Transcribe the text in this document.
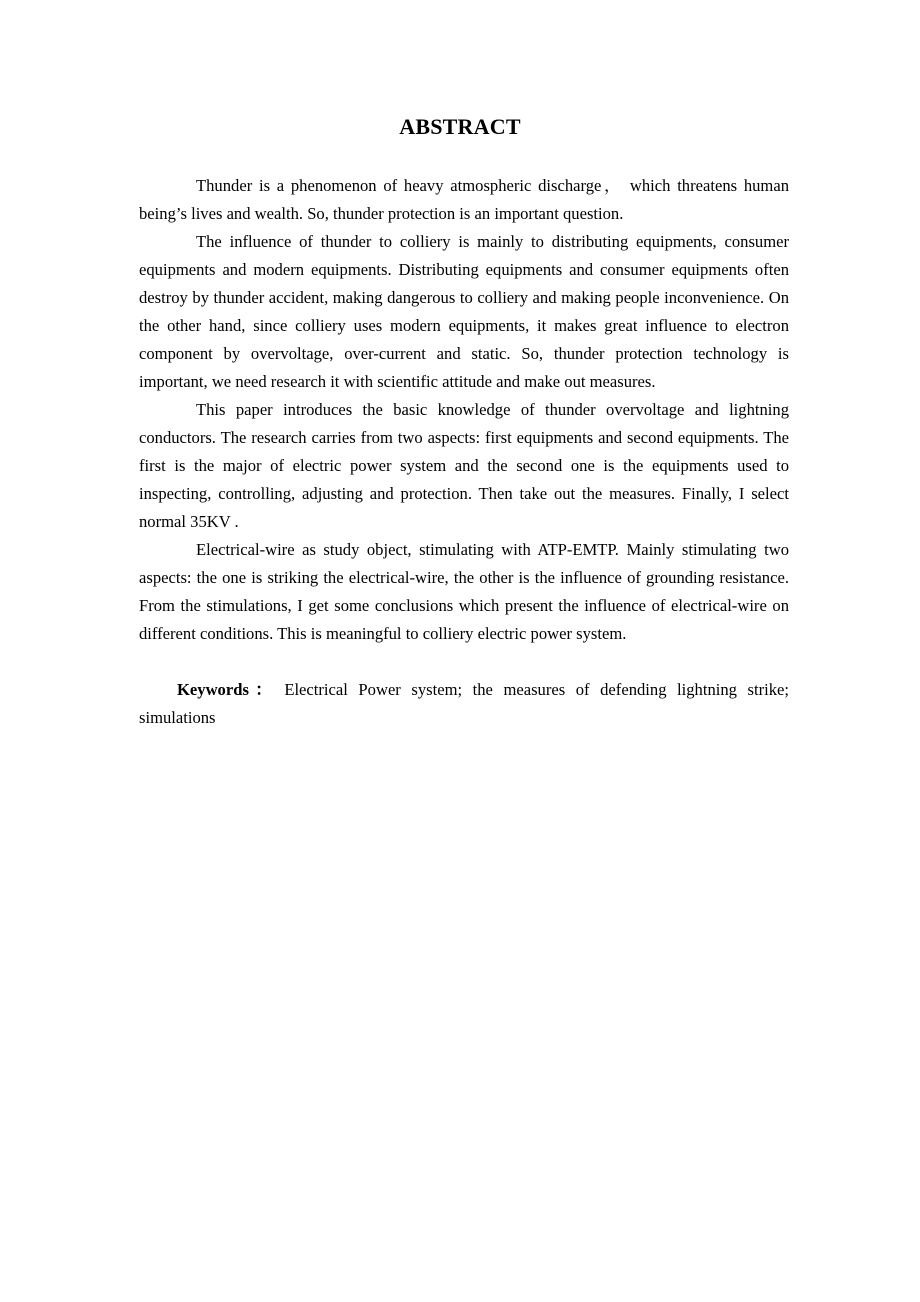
ABSTRACT

Thunder is a phenomenon of heavy atmospheric discharge， which threatens human being’s lives and wealth. So, thunder protection is an important question.

The influence of thunder to colliery is mainly to distributing equipments, consumer equipments and modern equipments. Distributing equipments and consumer equipments often destroy by thunder accident, making dangerous to colliery and making people inconvenience. On the other hand, since colliery uses modern equipments, it makes great influence to electron component by overvoltage, over-current and static. So, thunder protection technology is important, we need research it with scientific attitude and make out measures.

This paper introduces the basic knowledge of thunder overvoltage and lightning conductors. The research carries from two aspects: first equipments and second equipments. The first is the major of electric power system and the second one is the equipments used to inspecting, controlling, adjusting and protection. Then take out the measures. Finally, I select normal 35KV .

Electrical-wire as study object, stimulating with ATP-EMTP. Mainly stimulating two aspects: the one is striking the electrical-wire, the other is the influence of grounding resistance. From the stimulations, I get some conclusions which present the influence of electrical-wire on different conditions. This is meaningful to colliery electric power system.

Keywords： Electrical Power system; the measures of defending lightning strike; simulations
